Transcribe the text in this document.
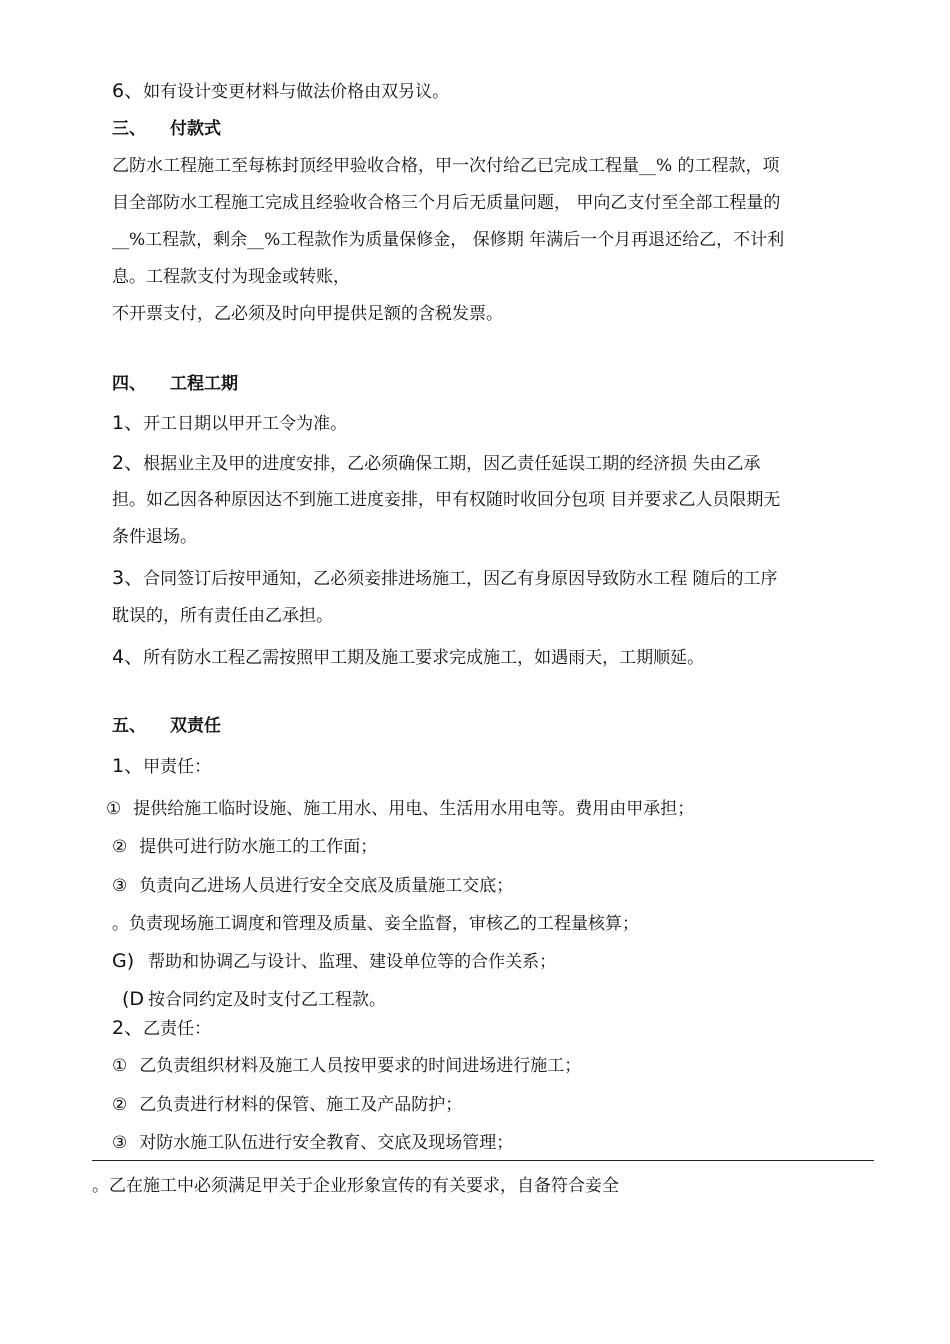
6、如有设计变更材料与做法价格由双另议。
三、 付款式
乙防水工程施工至每栋封顶经甲验收合格，甲一次付给乙已完成工程量__% 的工程款，项
目全部防水工程施工完成且经验收合格三个月后无质量问题， 甲向乙支付至全部工程量的
__%工程款，剩余__%工程款作为质量保修金， 保修期 年满后一个月再退还给乙，不计利
息。工程款支付为现金或转账，
不开票支付，乙必须及时向甲提供足额的含税发票。
四、 工程工期
1、开工日期以甲开工令为准。
2、根据业主及甲的进度安排，乙必须确保工期，因乙责任延误工期的经济损 失由乙承
担。如乙因各种原因达不到施工进度妾排，甲有权随时收回分包项 目并要求乙人员限期无
条件退场。
3、合同签订后按甲通知，乙必须妾排进场施工，因乙有身原因导致防水工程 随后的工序
耽误的，所有责任由乙承担。
4、所有防水工程乙需按照甲工期及施工要求完成施工，如遇雨天，工期顺延。
五、 双责任
1、甲责任：
① 提供给施工临时设施、施工用水、用电、生活用水用电等。费用由甲承担；
② 提供可进行防水施工的工作面；
③ 负责向乙进场人员进行安全交底及质量施工交底；
。负责现场施工调度和管理及质量、妾全监督，审核乙的工程量核算；
G) 帮助和协调乙与设计、监理、建设单位等的合作关系；
(D 按合同约定及时支付乙工程款。
2、乙责任：
① 乙负责组织材料及施工人员按甲要求的时间进场进行施工；
② 乙负责进行材料的保管、施工及产品防护；
③ 对防水施工队伍进行安全教育、交底及现场管理；
。乙在施工中必须满足甲关于企业形象宣传的有关要求，自备符合妾全
